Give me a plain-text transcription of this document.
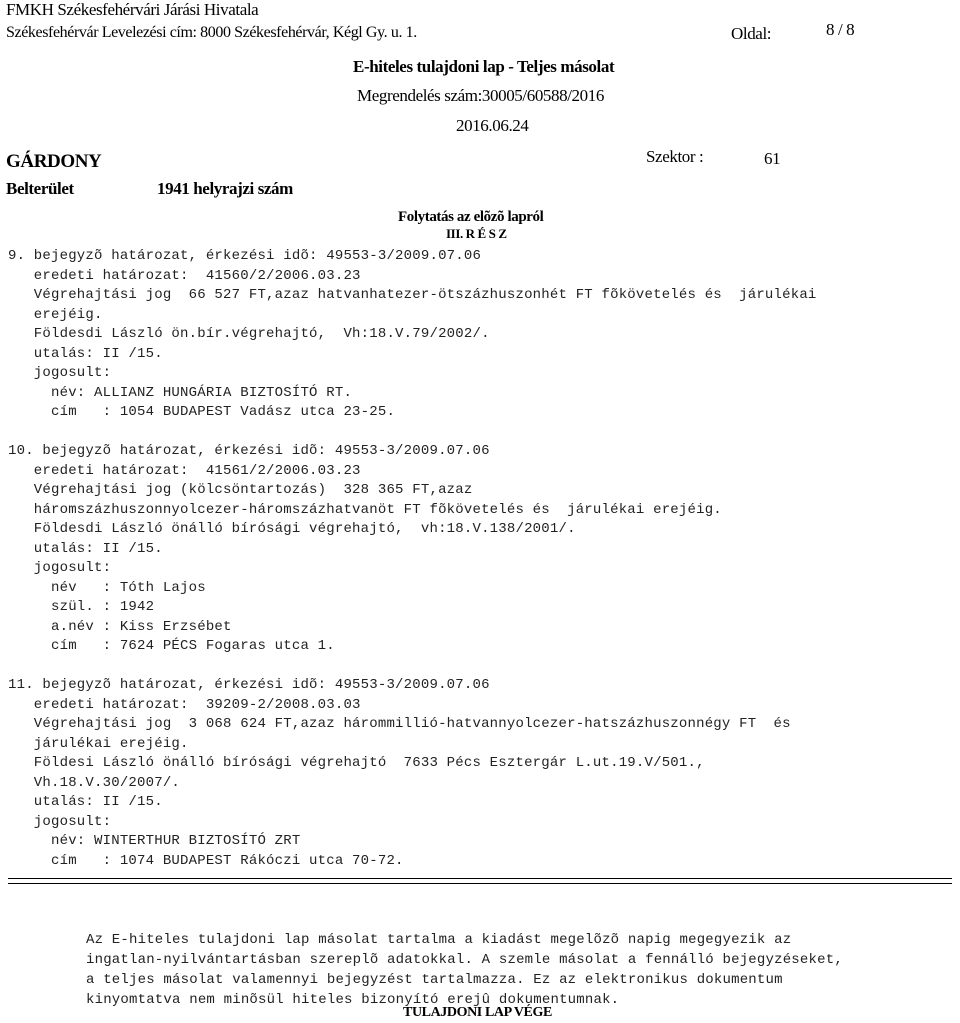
FMKH Székesfehérvári Járási Hivatala
Székesfehérvár Levelezési cím: 8000 Székesfehérvár, Kégl Gy. u. 1.	Oldal:	8 / 8
E-hiteles tulajdoni lap - Teljes másolat
Megrendelés szám:30005/60588/2016
2016.06.24
GÁRDONY	Szektor :	61
Belterület	1941 helyrajzi szám
Folytatás az elõzõ lapról
III. R É S Z
9. bejegyzõ határozat, érkezési idõ: 49553-3/2009.07.06
eredeti határozat:  41560/2/2006.03.23
Végrehajtási jog  66 527 FT,azaz hatvanhatezer-ötszázhuszonhét FT fõkövetelés és  járulékai
erejéig.
Földesdi László ön.bír.végrehajtó,  Vh:18.V.79/2002/.
utalás: II /15.
jogosult:
név: ALLIANZ HUNGÁRIA BIZTOSÍTÓ RT.
cím   : 1054 BUDAPEST Vadász utca 23-25.
10. bejegyzõ határozat, érkezési idõ: 49553-3/2009.07.06
eredeti határozat:  41561/2/2006.03.23
Végrehajtási jog (kölcsöntartozás)  328 365 FT,azaz
háromszázhuszonnyolcezer-háromszázhatvanöt FT fõkövetelés és  járulékai erejéig.
Földesdi László önálló bírósági végrehajtó,  vh:18.V.138/2001/.
utalás: II /15.
jogosult:
név   : Tóth Lajos
szül. : 1942
a.név : Kiss Erzsébet
cím   : 7624 PÉCS Fogaras utca 1.
11. bejegyzõ határozat, érkezési idõ: 49553-3/2009.07.06
eredeti határozat:  39209-2/2008.03.03
Végrehajtási jog  3 068 624 FT,azaz hárommillió-hatvannyolcezer-hatszázhuszonnégy FT  és
járulékai erejéig.
Földesi László önálló bírósági végrehajtó  7633 Pécs Esztergár L.ut.19.V/501.,
Vh.18.V.30/2007/.
utalás: II /15.
jogosult:
név: WINTERTHUR BIZTOSÍTÓ ZRT
cím   : 1074 BUDAPEST Rákóczi utca 70-72.
Az E-hiteles tulajdoni lap másolat tartalma a kiadást megelõzõ napig megegyezik az
ingatlan-nyilvántartásban szereplõ adatokkal. A szemle másolat a fennálló bejegyzéseket,
a teljes másolat valamennyi bejegyzést tartalmazza. Ez az elektronikus dokumentum
kinyomtatva nem minõsül hiteles bizonyító erejû dokumentumnak.
TULAJDONI LAP VÉGE
